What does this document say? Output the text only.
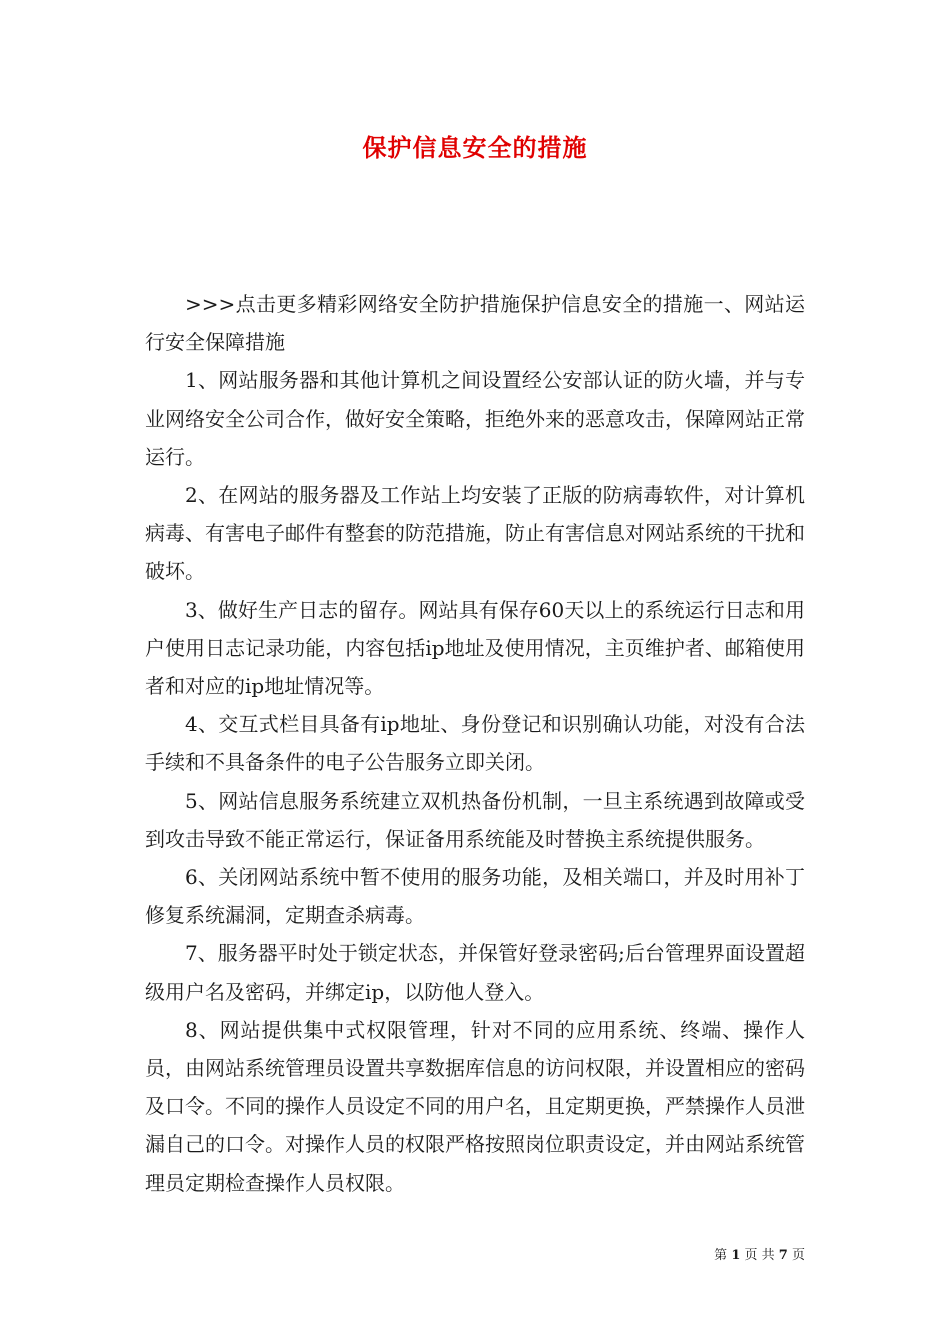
保护信息安全的措施

>>>点击更多精彩网络安全防护措施保护信息安全的措施一、网站运行安全保障措施

1、网站服务器和其他计算机之间设置经公安部认证的防火墙，并与专业网络安全公司合作，做好安全策略，拒绝外来的恶意攻击，保障网站正常运行。

2、在网站的服务器及工作站上均安装了正版的防病毒软件，对计算机病毒、有害电子邮件有整套的防范措施，防止有害信息对网站系统的干扰和破坏。

3、做好生产日志的留存。网站具有保存60天以上的系统运行日志和用户使用日志记录功能，内容包括ip地址及使用情况，主页维护者、邮箱使用者和对应的ip地址情况等。

4、交互式栏目具备有ip地址、身份登记和识别确认功能，对没有合法手续和不具备条件的电子公告服务立即关闭。

5、网站信息服务系统建立双机热备份机制，一旦主系统遇到故障或受到攻击导致不能正常运行，保证备用系统能及时替换主系统提供服务。

6、关闭网站系统中暂不使用的服务功能，及相关端口，并及时用补丁修复系统漏洞，定期查杀病毒。

7、服务器平时处于锁定状态，并保管好登录密码;后台管理界面设置超级用户名及密码，并绑定ip，以防他人登入。

8、网站提供集中式权限管理，针对不同的应用系统、终端、操作人员，由网站系统管理员设置共享数据库信息的访问权限，并设置相应的密码及口令。不同的操作人员设定不同的用户名，且定期更换，严禁操作人员泄漏自己的口令。对操作人员的权限严格按照岗位职责设定，并由网站系统管理员定期检查操作人员权限。

第 1 页 共 7 页
